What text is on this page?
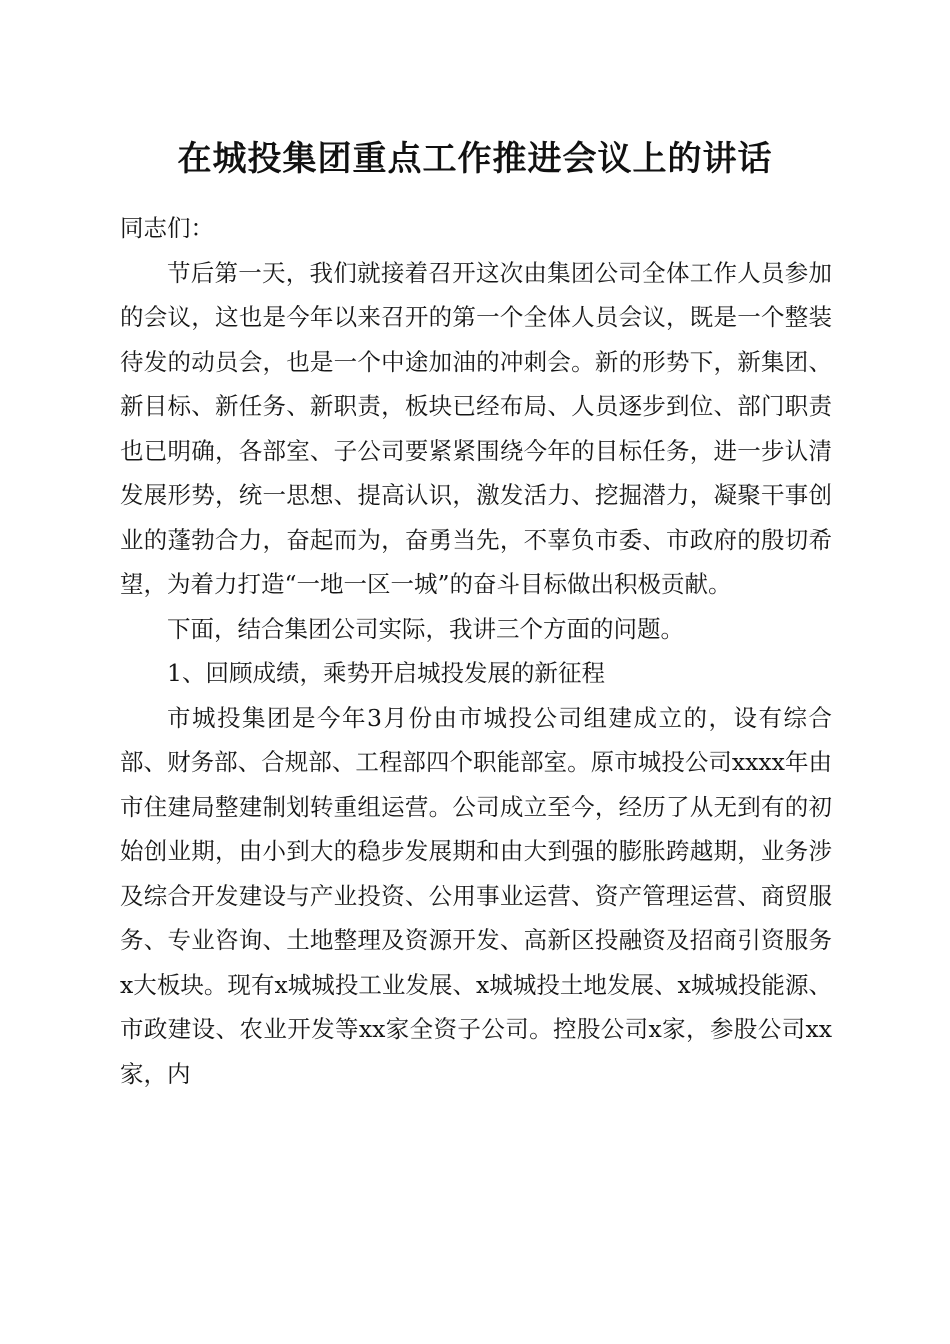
在城投集团重点工作推进会议上的讲话

同志们：

节后第一天，我们就接着召开这次由集团公司全体工作人员参加的会议，这也是今年以来召开的第一个全体人员会议，既是一个整装待发的动员会，也是一个中途加油的冲刺会。新的形势下，新集团、新目标、新任务、新职责，板块已经布局、人员逐步到位、部门职责也已明确，各部室、子公司要紧紧围绕今年的目标任务，进一步认清发展形势，统一思想、提高认识，激发活力、挖掘潜力，凝聚干事创业的蓬勃合力，奋起而为，奋勇当先，不辜负市委、市政府的殷切希望，为着力打造“一地一区一城”的奋斗目标做出积极贡献。

下面，结合集团公司实际，我讲三个方面的问题。

1、回顾成绩，乘势开启城投发展的新征程

市城投集团是今年3月份由市城投公司组建成立的，设有综合部、财务部、合规部、工程部四个职能部室。原市城投公司xxxx年由市住建局整建制划转重组运营。公司成立至今，经历了从无到有的初始创业期，由小到大的稳步发展期和由大到强的膨胀跨越期，业务涉及综合开发建设与产业投资、公用事业运营、资产管理运营、商贸服务、专业咨询、土地整理及资源开发、高新区投融资及招商引资服务x大板块。现有x城城投工业发展、x城城投土地发展、x城城投能源、市政建设、农业开发等xx家全资子公司。控股公司x家，参股公司xx家，内
